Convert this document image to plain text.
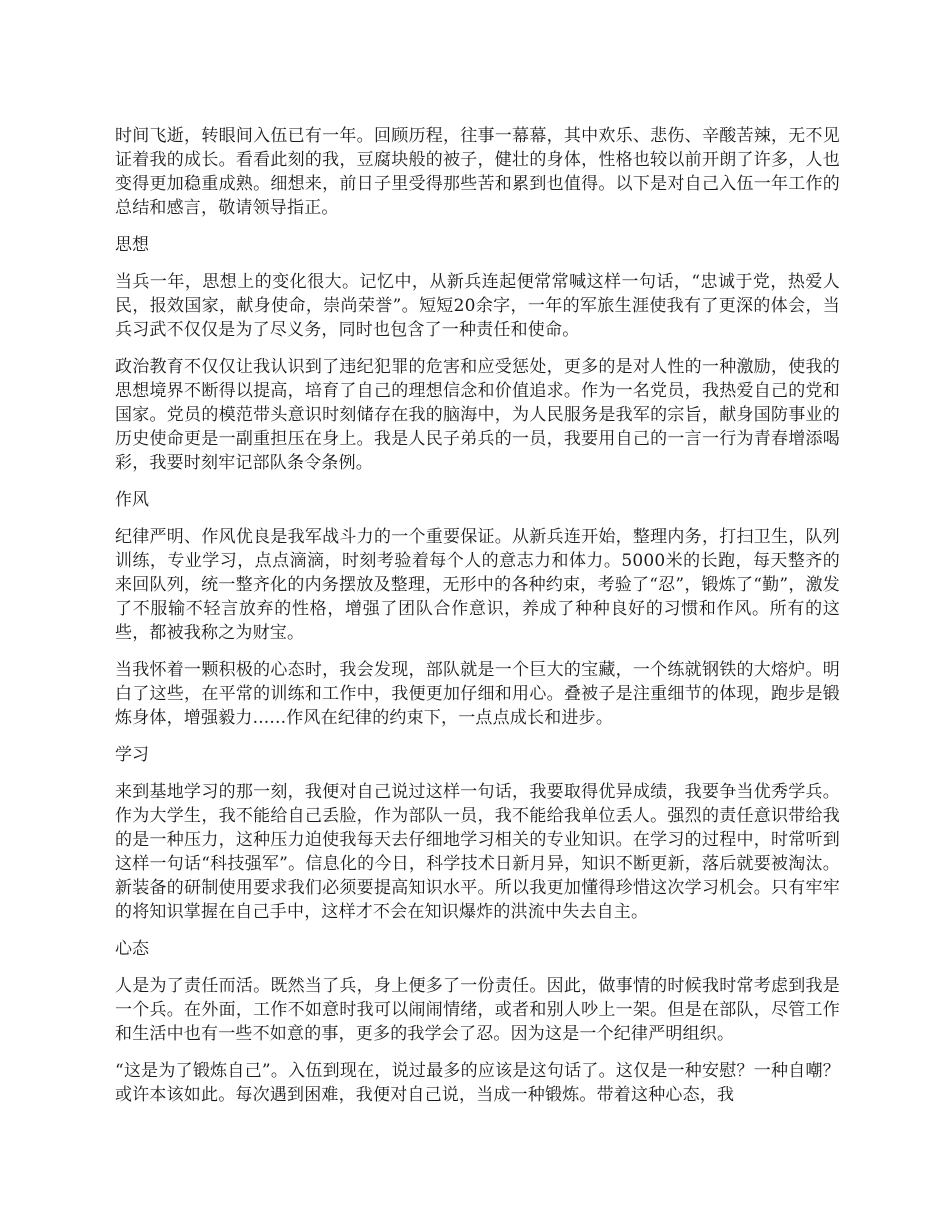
时间飞逝，转眼间入伍已有一年。回顾历程，往事一幕幕，其中欢乐、悲伤、辛酸苦辣，无不见证着我的成长。看看此刻的我，豆腐块般的被子，健壮的身体，性格也较以前开朗了许多，人也变得更加稳重成熟。细想来，前日子里受得那些苦和累到也值得。以下是对自己入伍一年工作的总结和感言，敬请领导指正。

思想

当兵一年，思想上的变化很大。记忆中，从新兵连起便常常喊这样一句话，“忠诚于党，热爱人民，报效国家，献身使命，崇尚荣誉”。短短20余字，一年的军旅生涯使我有了更深的体会，当兵习武不仅仅是为了尽义务，同时也包含了一种责任和使命。

政治教育不仅仅让我认识到了违纪犯罪的危害和应受惩处，更多的是对人性的一种激励，使我的思想境界不断得以提高，培育了自己的理想信念和价值追求。作为一名党员，我热爱自己的党和国家。党员的模范带头意识时刻储存在我的脑海中，为人民服务是我军的宗旨，献身国防事业的历史使命更是一副重担压在身上。我是人民子弟兵的一员，我要用自己的一言一行为青春增添喝彩，我要时刻牢记部队条令条例。

作风

纪律严明、作风优良是我军战斗力的一个重要保证。从新兵连开始，整理内务，打扫卫生，队列训练，专业学习，点点滴滴，时刻考验着每个人的意志力和体力。5000米的长跑，每天整齐的来回队列，统一整齐化的内务摆放及整理，无形中的各种约束，考验了“忍”，锻炼了“勤”，激发了不服输不轻言放弃的性格，增强了团队合作意识，养成了种种良好的习惯和作风。所有的这些，都被我称之为财宝。

当我怀着一颗积极的心态时，我会发现，部队就是一个巨大的宝藏，一个练就钢铁的大熔炉。明白了这些，在平常的训练和工作中，我便更加仔细和用心。叠被子是注重细节的体现，跑步是锻炼身体，增强毅力......作风在纪律的约束下，一点点成长和进步。

学习

来到基地学习的那一刻，我便对自己说过这样一句话，我要取得优异成绩，我要争当优秀学兵。作为大学生，我不能给自己丢脸，作为部队一员，我不能给我单位丢人。强烈的责任意识带给我的是一种压力，这种压力迫使我每天去仔细地学习相关的专业知识。在学习的过程中，时常听到这样一句话“科技强军”。信息化的今日，科学技术日新月异，知识不断更新，落后就要被淘汰。新装备的研制使用要求我们必须要提高知识水平。所以我更加懂得珍惜这次学习机会。只有牢牢的将知识掌握在自己手中，这样才不会在知识爆炸的洪流中失去自主。

心态

人是为了责任而活。既然当了兵，身上便多了一份责任。因此，做事情的时候我时常考虑到我是一个兵。在外面，工作不如意时我可以闹闹情绪，或者和别人吵上一架。但是在部队，尽管工作和生活中也有一些不如意的事，更多的我学会了忍。因为这是一个纪律严明组织。

“这是为了锻炼自己”。入伍到现在，说过最多的应该是这句话了。这仅是一种安慰？一种自嘲？或许本该如此。每次遇到困难，我便对自己说，当成一种锻炼。带着这种心态，我
